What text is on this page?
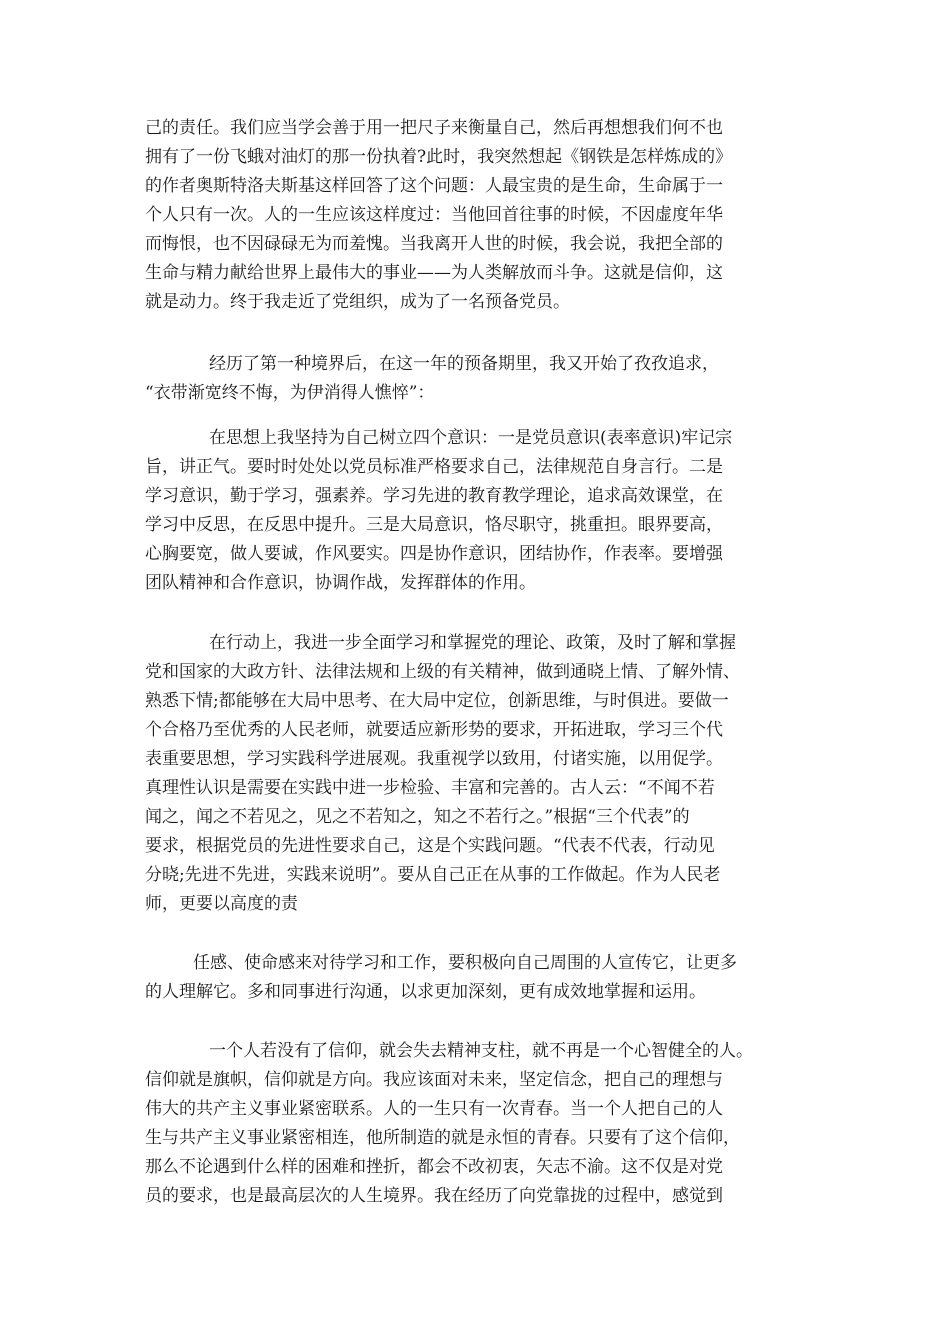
己的责任。我们应当学会善于用一把尺子来衡量自己，然后再想想我们何不也
拥有了一份飞蛾对油灯的那一份执着?此时，我突然想起《钢铁是怎样炼成的》
的作者奥斯特洛夫斯基这样回答了这个问题：人最宝贵的是生命，生命属于一
个人只有一次。人的一生应该这样度过：当他回首往事的时候，不因虚度年华
而悔恨，也不因碌碌无为而羞愧。当我离开人世的时候，我会说，我把全部的
生命与精力献给世界上最伟大的事业——为人类解放而斗争。这就是信仰，这
就是动力。终于我走近了党组织，成为了一名预备党员。
经历了第一种境界后，在这一年的预备期里，我又开始了孜孜追求，
“衣带渐宽终不悔，为伊消得人憔悴”：
在思想上我坚持为自己树立四个意识：一是党员意识(表率意识)牢记宗
旨，讲正气。要时时处处以党员标准严格要求自己，法律规范自身言行。二是
学习意识，勤于学习，强素养。学习先进的教育教学理论，追求高效课堂，在
学习中反思，在反思中提升。三是大局意识，恪尽职守，挑重担。眼界要高，
心胸要宽，做人要诚，作风要实。四是协作意识，团结协作，作表率。要增强
团队精神和合作意识，协调作战，发挥群体的作用。
在行动上，我进一步全面学习和掌握党的理论、政策，及时了解和掌握
党和国家的大政方针、法律法规和上级的有关精神，做到通晓上情、了解外情、
熟悉下情;都能够在大局中思考、在大局中定位，创新思维，与时俱进。要做一
个合格乃至优秀的人民老师，就要适应新形势的要求，开拓进取，学习三个代
表重要思想，学习实践科学进展观。我重视学以致用，付诸实施，以用促学。
真理性认识是需要在实践中进一步检验、丰富和完善的。古人云：“不闻不若
闻之，闻之不若见之，见之不若知之，知之不若行之。”根据“三个代表”的
要求，根据党员的先进性要求自己，这是个实践问题。“代表不代表，行动见
分晓;先进不先进，实践来说明”。要从自己正在从事的工作做起。作为人民老
师，更要以高度的责
任感、使命感来对待学习和工作，要积极向自己周围的人宣传它，让更多
的人理解它。多和同事进行沟通，以求更加深刻，更有成效地掌握和运用。
一个人若没有了信仰，就会失去精神支柱，就不再是一个心智健全的人。
信仰就是旗帜，信仰就是方向。我应该面对未来，坚定信念，把自己的理想与
伟大的共产主义事业紧密联系。人的一生只有一次青春。当一个人把自己的人
生与共产主义事业紧密相连，他所制造的就是永恒的青春。只要有了这个信仰，
那么不论遇到什么样的困难和挫折，都会不改初衷，矢志不渝。这不仅是对党
员的要求，也是最高层次的人生境界。我在经历了向党靠拢的过程中，感觉到
